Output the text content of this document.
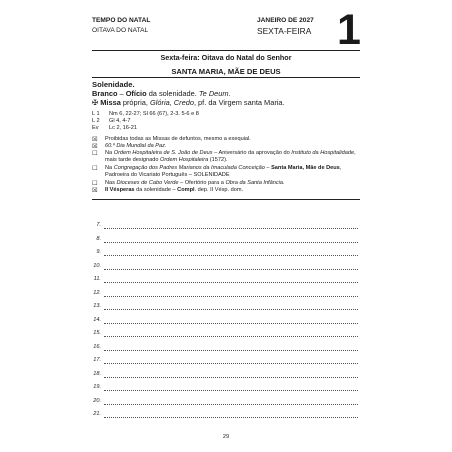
TEMPO DO NATAL
OITAVA DO NATAL
JANEIRO DE 2027
SEXTA-FEIRA 1
Sexta-feira: Oitava do Natal do Senhor
SANTA MARIA, MÃE DE DEUS
Solenidade.
Branco – Ofício da solenidade. Te Deum.
✠ Missa própria, Glória, Credo, pf. da Virgem santa Maria.
L 1 Nm 6, 22-27; Sl 66 (67), 2-3. 5-6 e 8
L 2 Gl 4, 4-7
Ev Lc 2, 16-21
☒	Proibidas todas as Missas de defuntos, mesmo a exequial.
☒	60.º Dia Mundial da Paz.
☐	Na Ordem Hospitaleira de S. João de Deus – Aniversário da aprovação do Instituto da Hospitalidade, mais tarde designado Ordem Hospitaleira (1572).
☐	Na Congregação dos Padres Marianos da Imaculada Conceição – Santa Maria, Mãe de Deus, Padroeira do Vicariato Português – SOLENIDADE
☐	Nas Dioceses de Cabo Verde – Ofertório para a Obra da Santa Infância.
☒	II Vésperas da solenidade – Compl. dep. II Vésp. dom.
7.
8.
9.
10.
11.
12.
13.
14.
15.
16.
17.
18.
19.
20.
21.
29
